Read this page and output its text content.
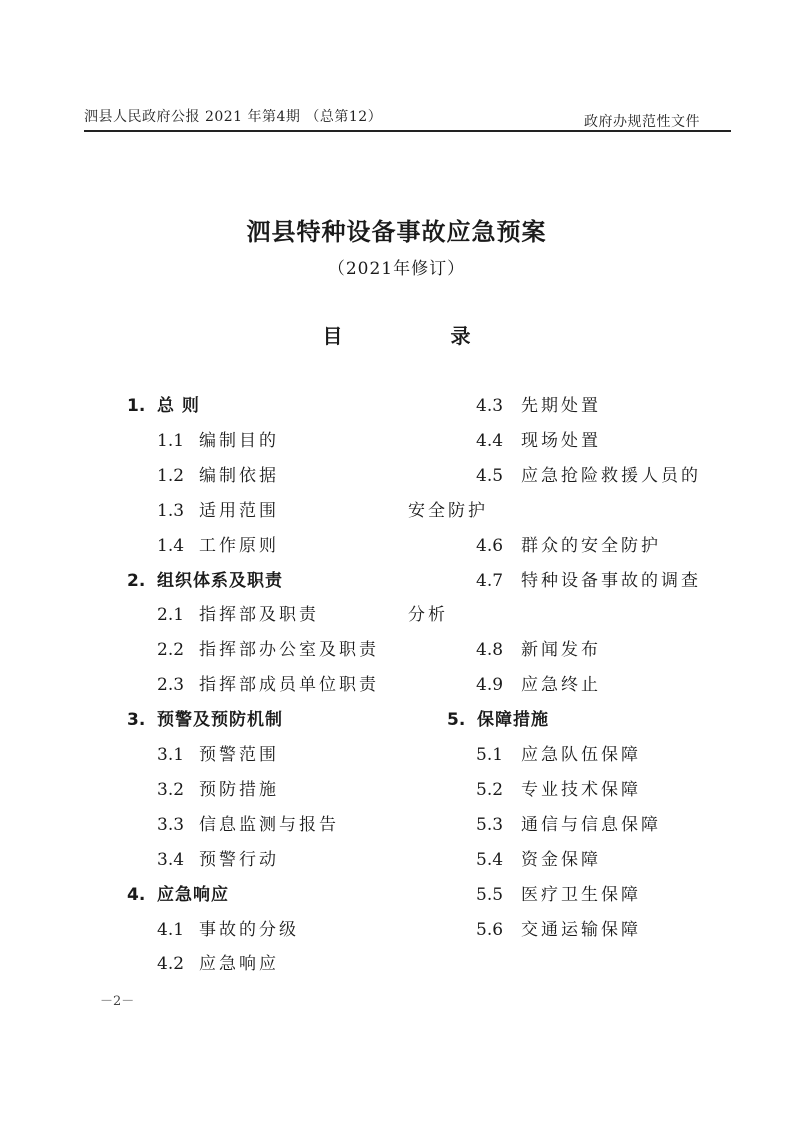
泗县人民政府公报 2021 年第4期 （总第12）	政府办规范性文件
泗县特种设备事故应急预案
（2021年修订）
目　录
1. 总 则
1.1 编制目的
1.2 编制依据
1.3 适用范围
1.4 工作原则
2. 组织体系及职责
2.1 指挥部及职责
2.2 指挥部办公室及职责
2.3 指挥部成员单位职责
3. 预警及预防机制
3.1 预警范围
3.2 预防措施
3.3 信息监测与报告
3.4 预警行动
4. 应急响应
4.1 事故的分级
4.2 应急响应
4.3 先期处置
4.4 现场处置
4.5 应急抢险救援人员的
安全防护
4.6 群众的安全防护
4.7 特种设备事故的调查
分析
4.8 新闻发布
4.9 应急终止
5. 保障措施
5.1 应急队伍保障
5.2 专业技术保障
5.3 通信与信息保障
5.4 资金保障
5.5 医疗卫生保障
5.6 交通运输保障
－2－
